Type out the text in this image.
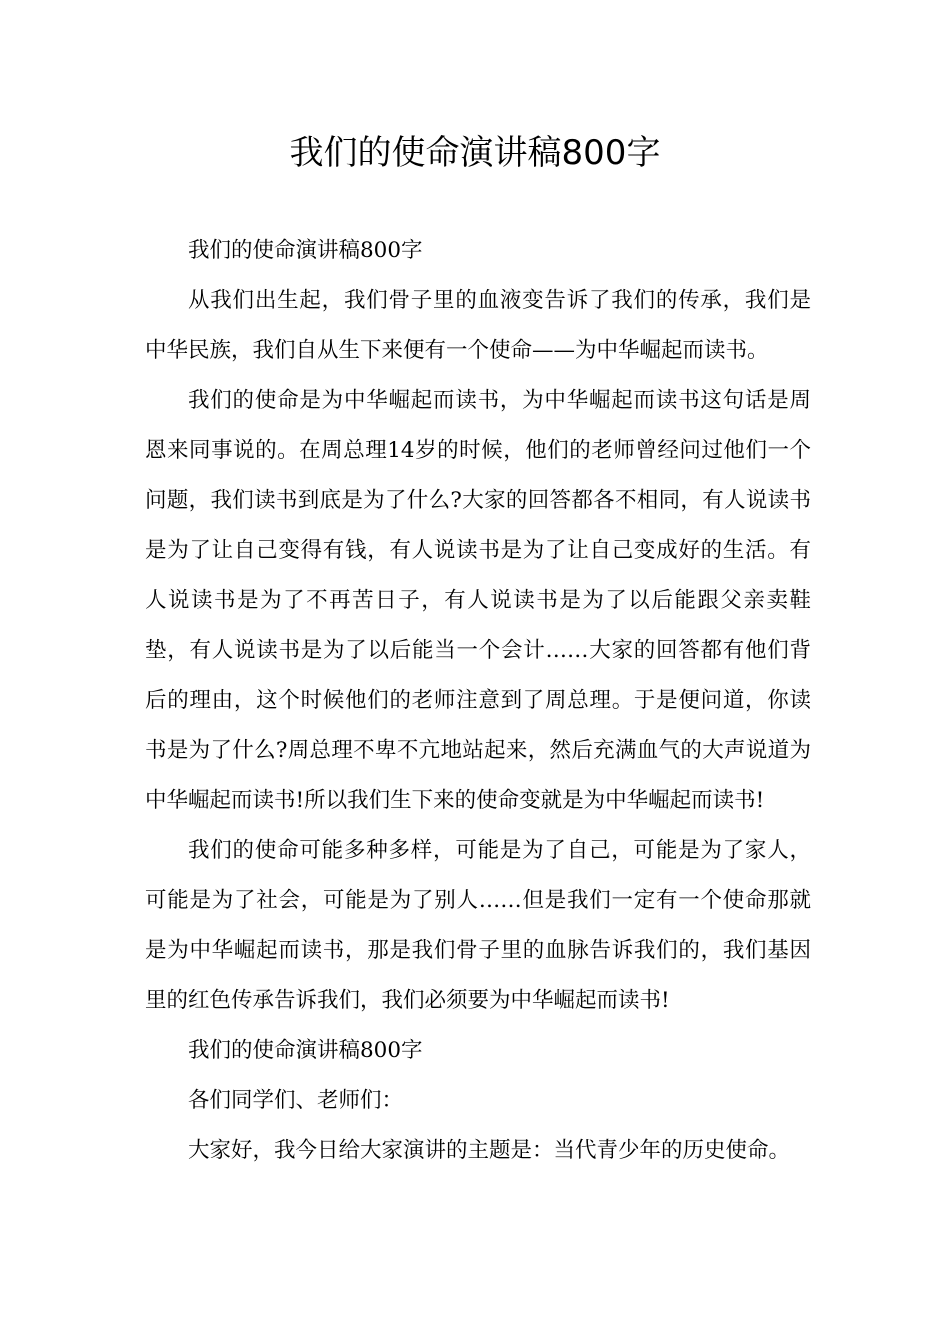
我们的使命演讲稿800字

我们的使命演讲稿800字

从我们出生起，我们骨子里的血液变告诉了我们的传承，我们是中华民族，我们自从生下来便有一个使命——为中华崛起而读书。

我们的使命是为中华崛起而读书，为中华崛起而读书这句话是周恩来同事说的。在周总理14岁的时候，他们的老师曾经问过他们一个问题，我们读书到底是为了什么?大家的回答都各不相同，有人说读书是为了让自己变得有钱，有人说读书是为了让自己变成好的生活。有人说读书是为了不再苦日子，有人说读书是为了以后能跟父亲卖鞋垫，有人说读书是为了以后能当一个会计……大家的回答都有他们背后的理由，这个时候他们的老师注意到了周总理。于是便问道，你读书是为了什么?周总理不卑不亢地站起来，然后充满血气的大声说道为中华崛起而读书!所以我们生下来的使命变就是为中华崛起而读书!

我们的使命可能多种多样，可能是为了自己，可能是为了家人，可能是为了社会，可能是为了别人……但是我们一定有一个使命那就是为中华崛起而读书，那是我们骨子里的血脉告诉我们的，我们基因里的红色传承告诉我们，我们必须要为中华崛起而读书!

我们的使命演讲稿800字

各们同学们、老师们：

大家好，我今日给大家演讲的主题是：当代青少年的历史使命。
